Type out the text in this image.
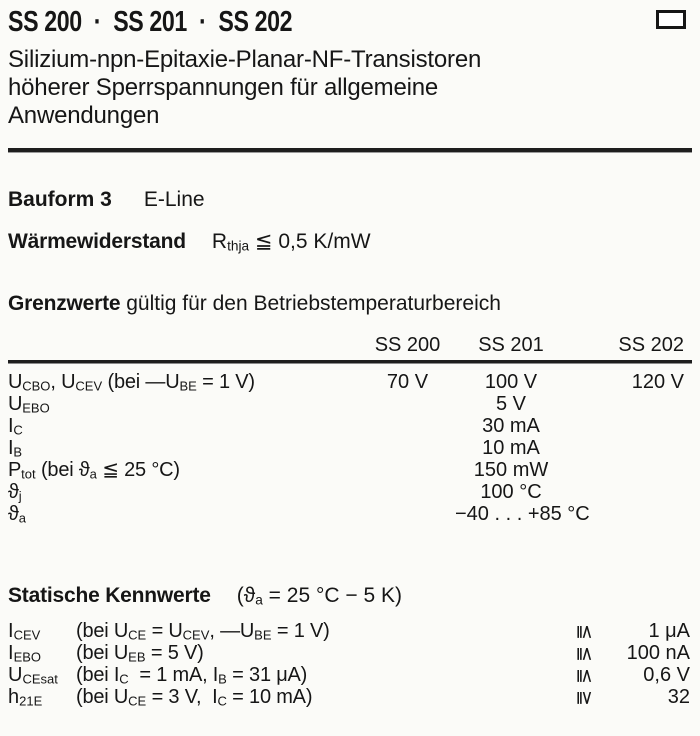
SS 200  ·  SS 201  ·  SS 202
Silizium-npn-Epitaxie-Planar-NF-Transistoren
höherer Sperrspannungen für allgemeine
Anwendungen
Bauform 3 E-Line
Wärmewiderstand $R_{thja}$ ≦ 0,5 K/mW
Grenzwerte gültig für den Betriebstemperaturbereich
SS 200	SS 201	SS 202
$U_{CBO}$, $U_{CEV}$ (bei $—U_{BE} = 1$ V)	70 V	100 V	120 V
$U_{EBO}$	5 V
$I_C$	30 mA
$I_B$	10 mA
$P_{tot}$ (bei $ϑ_a$ ≦ 25 °C)	150 mW
$ϑ_j$	100 °C
$ϑ_a$	−40 . . . +85 °C
Statische Kennwerte ($ϑ_a = 25$ °C − 5 K)
$I_{CEV}$	(bei $U_{CE} = U_{CEV}$, $—U_{BE} = 1$ V)	≦	1 μA
$I_{EBO}$	(bei $U_{EB} = 5$ V)	≦	100 nA
$U_{CEsat}$ (bei $I_C = 1$ mA, $I_B = 31$ μA)	≦	0,6 V
$h_{21E}$	(bei $U_{CE} = 3$ V,  $I_C = 10$ mA)	≧	32
